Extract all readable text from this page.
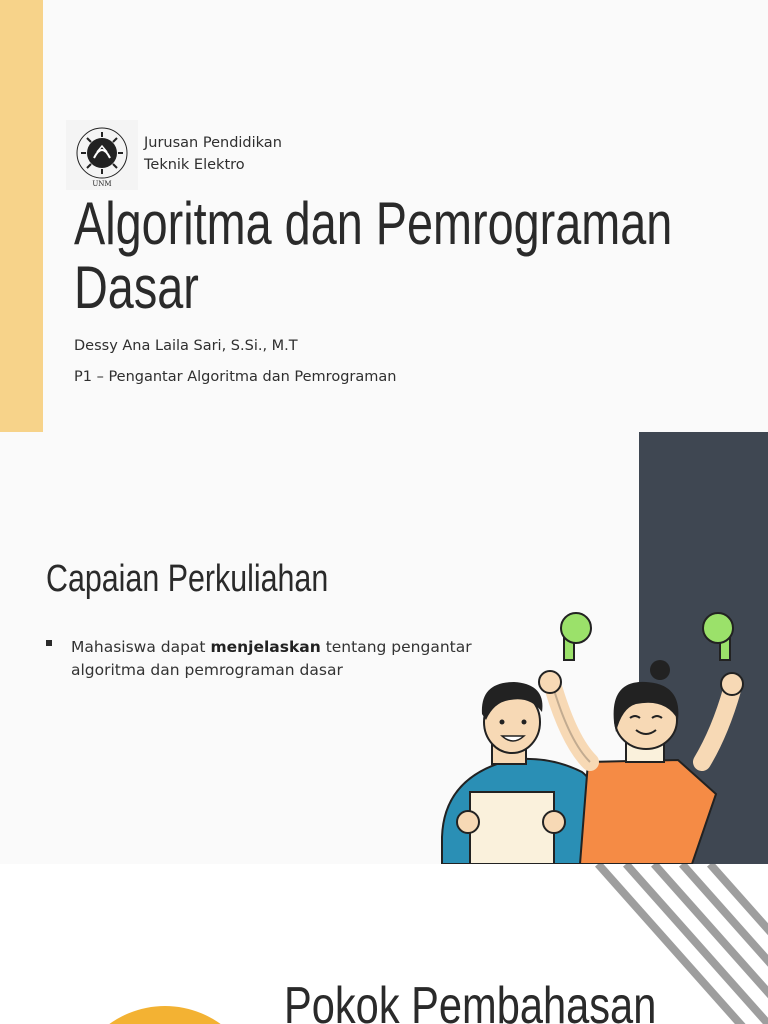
UNM
Jurusan Pendidikan
Teknik Elektro
Algoritma dan Pemrograman
Dasar
Dessy Ana Laila Sari, S.Si., M.T
P1 – Pengantar Algoritma dan Pemrograman
Capaian Perkuliahan
Mahasiswa dapat menjelaskan tentang pengantar algoritma dan pemrograman dasar
Pokok Pembahasan
